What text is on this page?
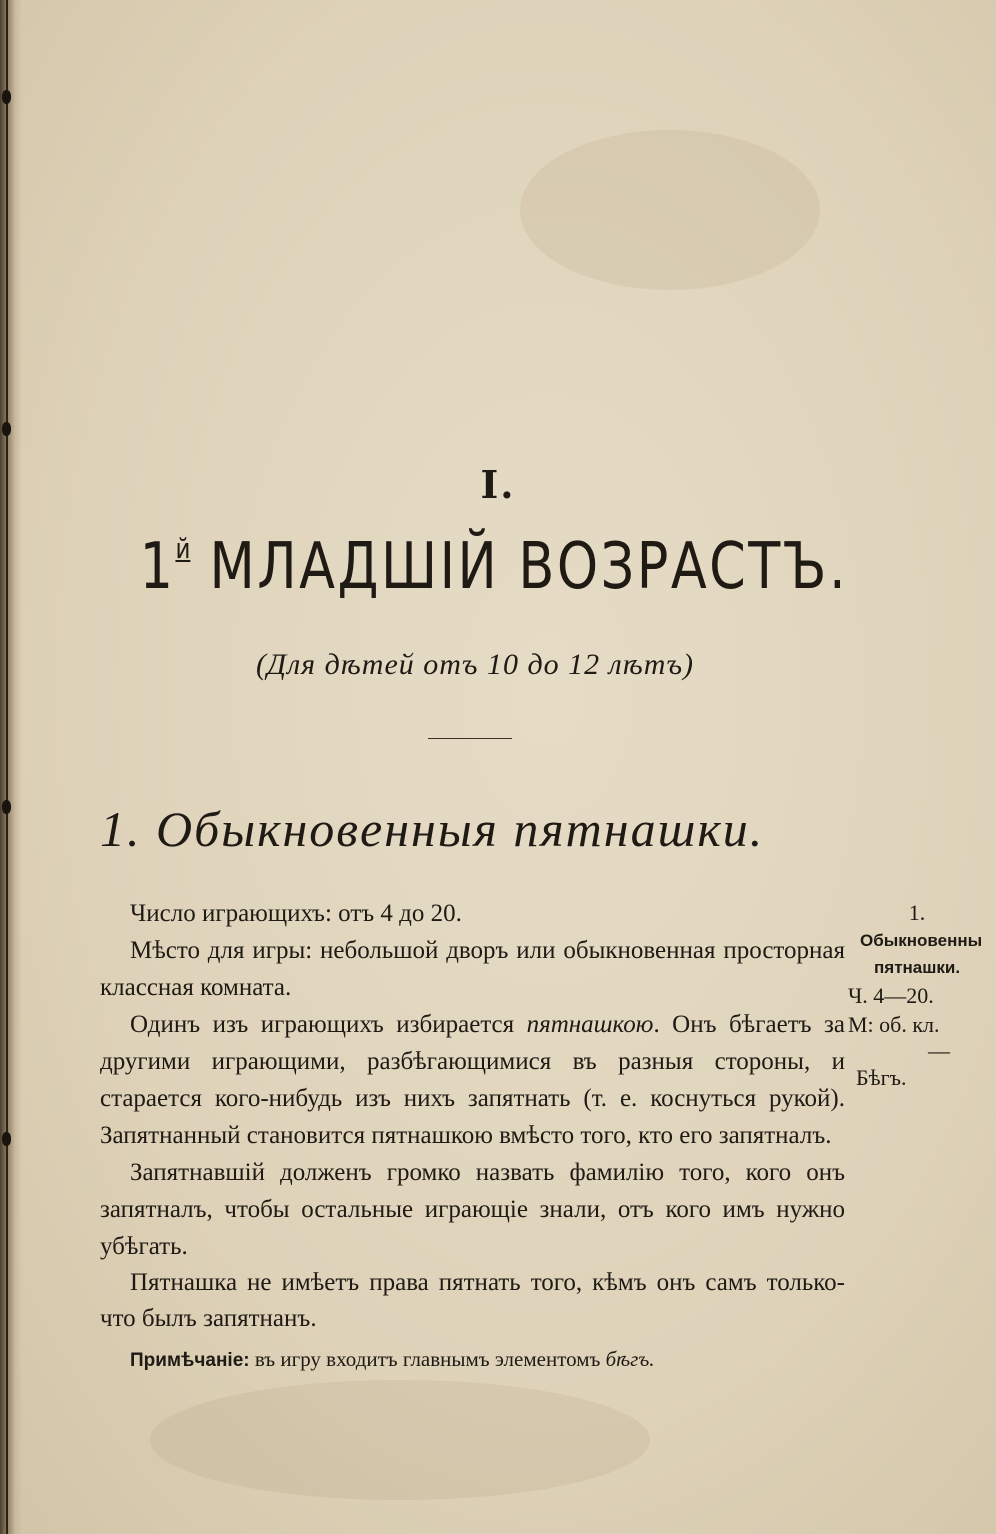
I.
$1^й$ МЛАДШІЙ ВОЗРАСТЪ.
(Для дѣтей отъ 10 до 12 лѣтъ)
1. Обыкновенныя пятнашки.

Число играющихъ: отъ 4 до 20.

Мѣсто для игры: небольшой дворъ или обыкновенная просторная классная комната.

Одинъ изъ играющихъ избирается пятнашкою. Онъ бѣгаетъ за другими играющими, разбѣгающимися въ разныя стороны, и старается кого-нибудь изъ нихъ запятнать (т. е. коснуться рукой). Запятнанный становится пятнашкою вмѣсто того, кто его запятналъ.

Запятнавшій долженъ громко назвать фамилію того, кого онъ запятналъ, чтобы остальные играющіе знали, отъ кого имъ нужно убѣгать.

Пятнашка не имѣетъ права пятнать того, кѣмъ онъ самъ только-что былъ запятнанъ.

Примѣчаніе: въ игру входитъ главнымъ элементомъ бѣгъ.

1.
Обыкновенны
пятнашки.
Ч. 4—20.
М: об. кл.
—
Бѣгъ.
